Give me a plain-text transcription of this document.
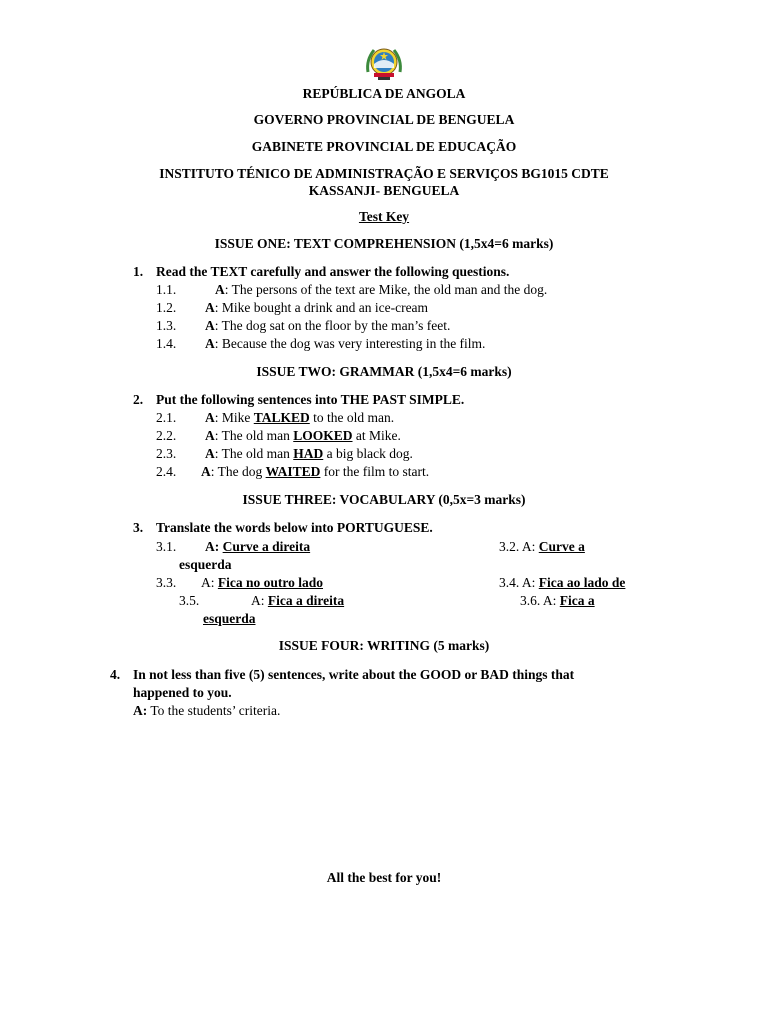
REPÚBLICA DE ANGOLA
GOVERNO PROVINCIAL DE BENGUELA
GABINETE PROVINCIAL DE EDUCAÇÃO
INSTITUTO TÉNICO DE ADMINISTRAÇÃO E SERVIÇOS BG1015 CDTE
KASSANJI- BENGUELA
Test Key
ISSUE ONE: TEXT COMPREHENSION (1,5x4=6 marks)
1. Read the TEXT carefully and answer the following questions.
1.1.	A: The persons of the text are Mike, the old man and the dog.
1.2. A: Mike bought a drink and an ice-cream
1.3. A: The dog sat on the floor by the man’s feet.
1.4. A: Because the dog was very interesting in the film.
ISSUE TWO: GRAMMAR (1,5x4=6 marks)
2. Put the following sentences into THE PAST SIMPLE.
2.1. A: Mike TALKED to the old man.
2.2. A: The old man LOOKED at Mike.
2.3. A: The old man HAD a big black dog.
2.4. A: The dog WAITED for the film to start.
ISSUE THREE: VOCABULARY (0,5x=3 marks)
3. Translate the words below into PORTUGUESE.
3.1. A: Curve a direita	3.2. A: Curve a
esquerda
3.3. A: Fica no outro lado	3.4. A: Fica ao lado de
3.5.	A: Fica a direita	3.6. A: Fica a
esquerda
ISSUE FOUR: WRITING (5 marks)
4. In not less than five (5) sentences, write about the GOOD or BAD things that
happened to you.
A: To the students’ criteria.
All the best for you!
